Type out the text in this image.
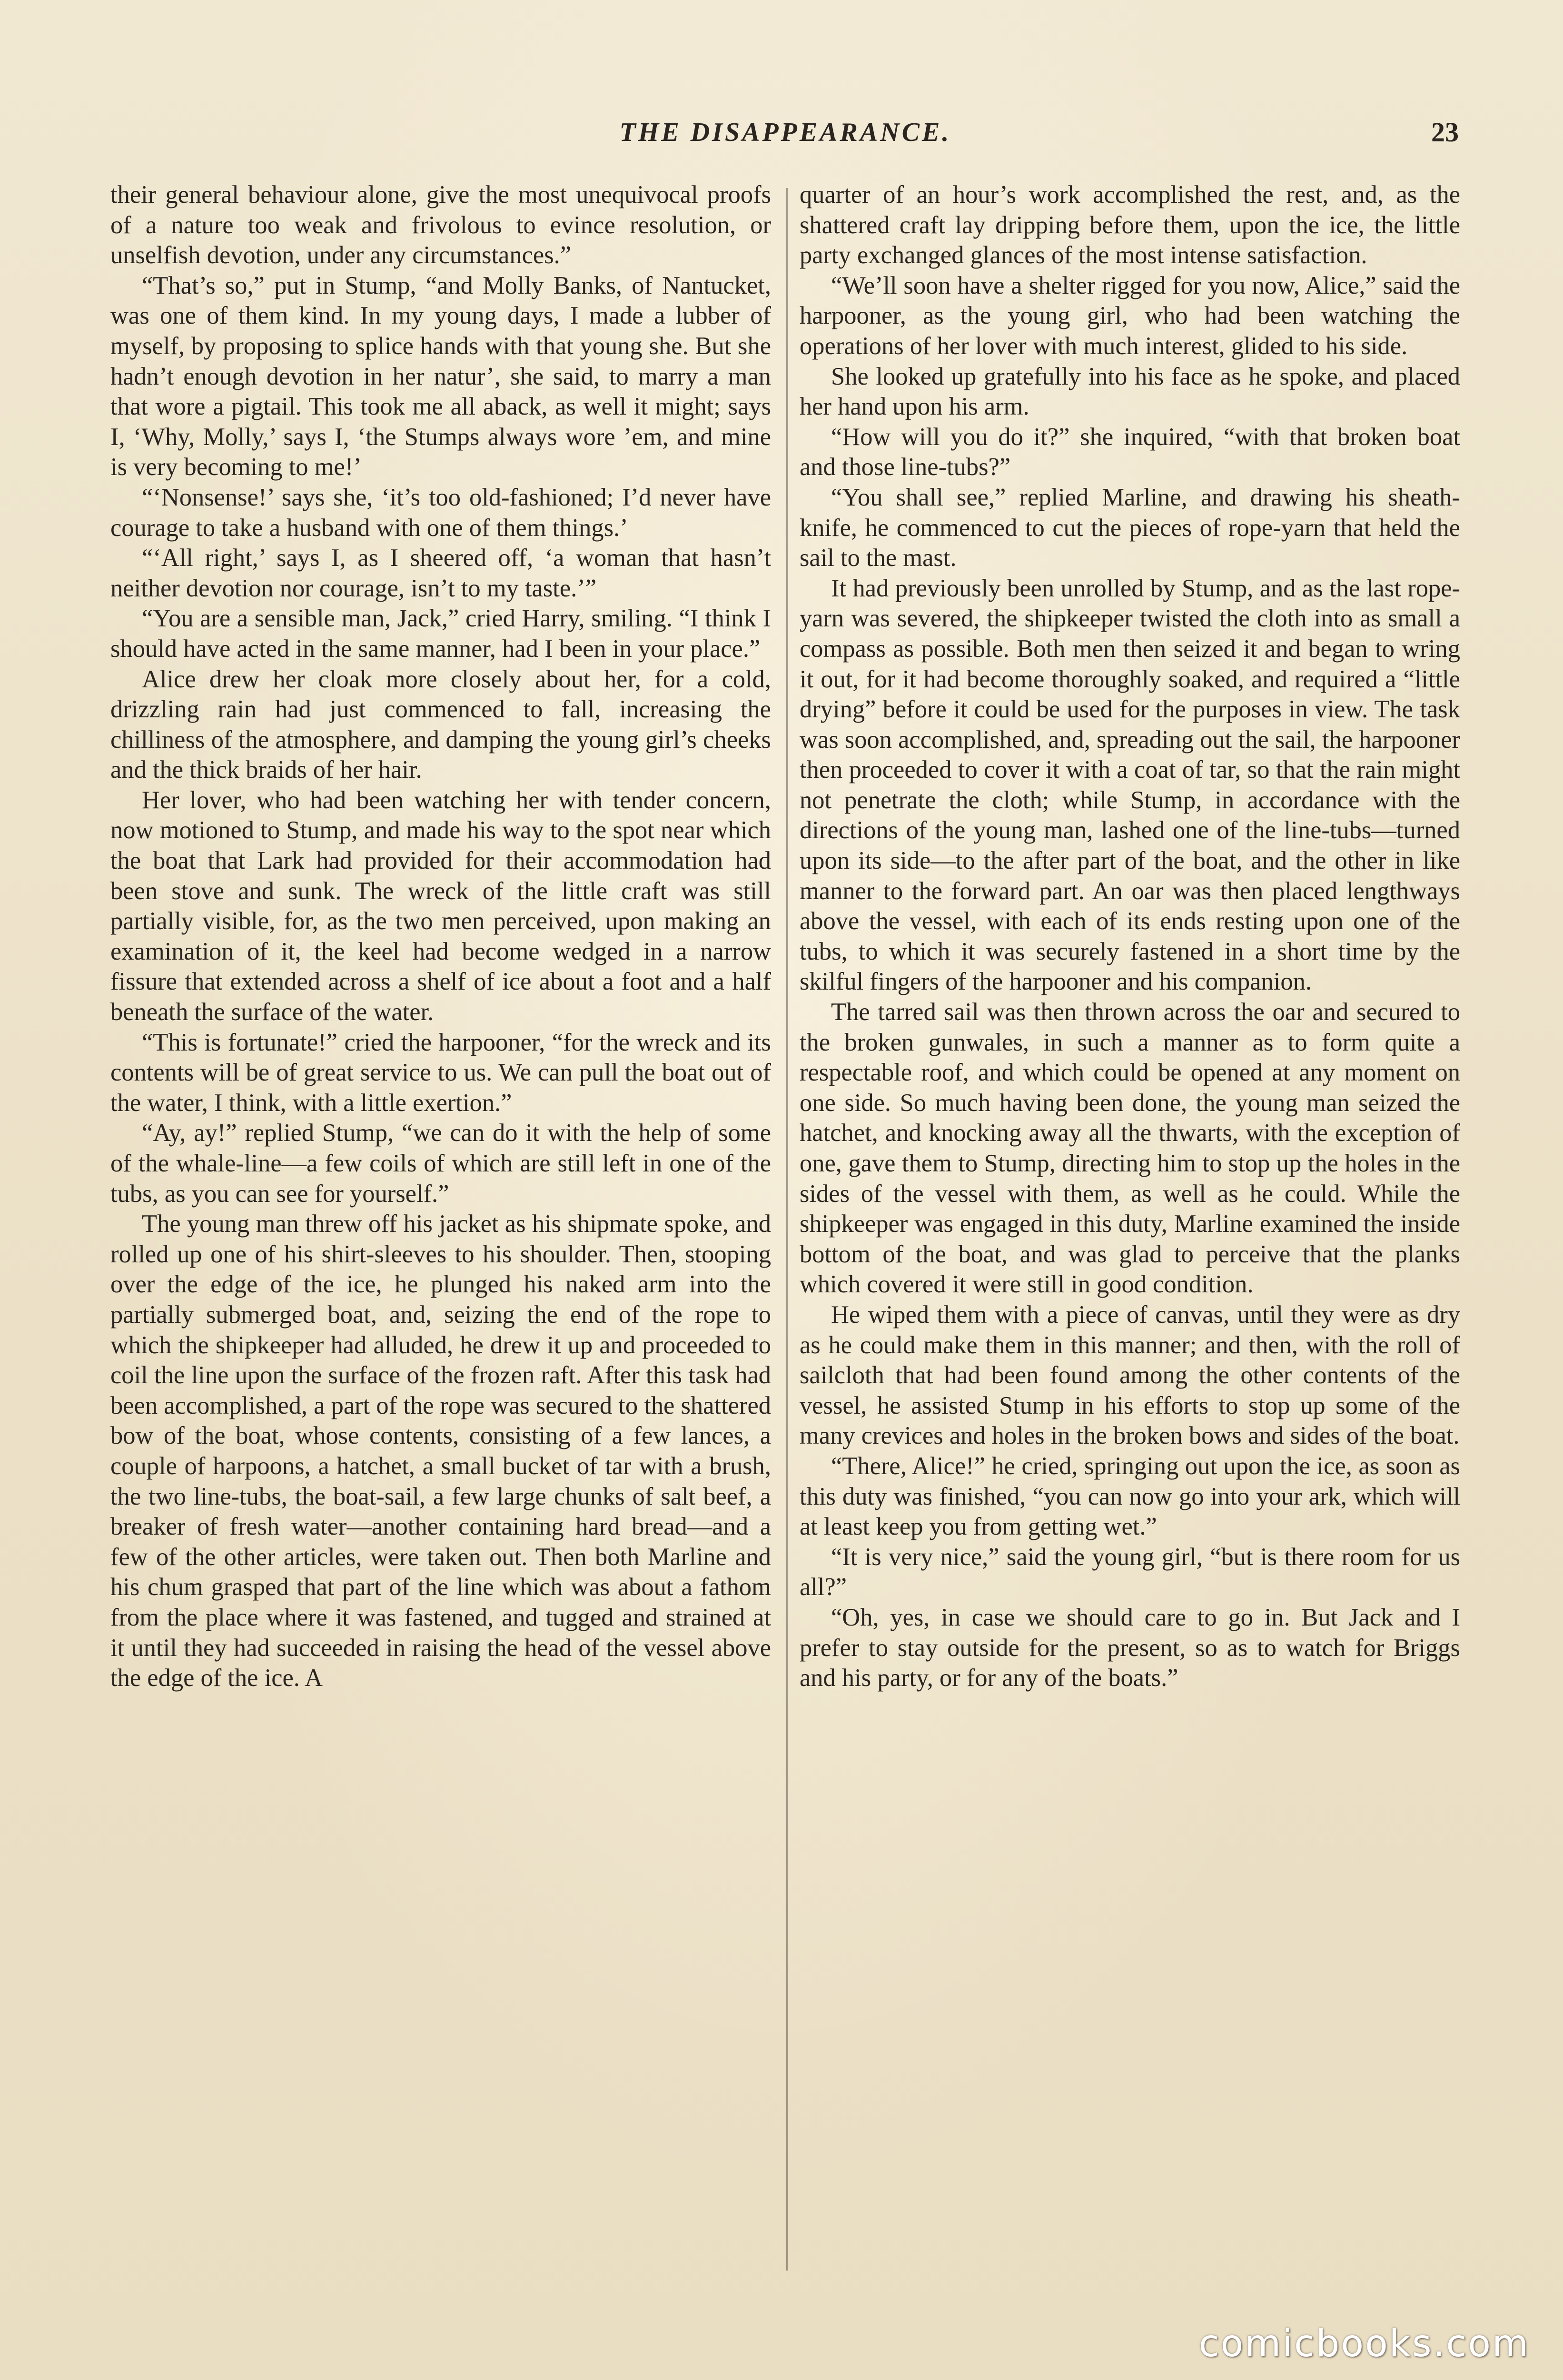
THE DISAPPEARANCE.	23

their general behaviour alone, give the most unequivocal proofs of a nature too weak and frivolous to evince resolution, or unselfish devotion, under any circumstances.”

“That’s so,” put in Stump, “and Molly Banks, of Nantucket, was one of them kind. In my young days, I made a lubber of myself, by proposing to splice hands with that young she. But she hadn’t enough devotion in her natur’, she said, to marry a man that wore a pigtail. This took me all aback, as well it might; says I, ‘Why, Molly,’ says I, ‘the Stumps always wore ’em, and mine is very becoming to me!’

“‘Nonsense!’ says she, ‘it’s too old-fashioned; I’d never have courage to take a husband with one of them things.’

“‘All right,’ says I, as I sheered off, ‘a woman that hasn’t neither devotion nor courage, isn’t to my taste.’”

“You are a sensible man, Jack,” cried Harry, smiling. “I think I should have acted in the same manner, had I been in your place.”

Alice drew her cloak more closely about her, for a cold, drizzling rain had just commenced to fall, increasing the chilliness of the atmosphere, and damping the young girl’s cheeks and the thick braids of her hair.

Her lover, who had been watching her with tender concern, now motioned to Stump, and made his way to the spot near which the boat that Lark had provided for their accommodation had been stove and sunk. The wreck of the little craft was still partially visible, for, as the two men perceived, upon making an examination of it, the keel had become wedged in a narrow fissure that extended across a shelf of ice about a foot and a half beneath the surface of the water.

“This is fortunate!” cried the harpooner, “for the wreck and its contents will be of great service to us. We can pull the boat out of the water, I think, with a little exertion.”

“Ay, ay!” replied Stump, “we can do it with the help of some of the whale-line—a few coils of which are still left in one of the tubs, as you can see for yourself.”

The young man threw off his jacket as his shipmate spoke, and rolled up one of his shirt-sleeves to his shoulder. Then, stooping over the edge of the ice, he plunged his naked arm into the partially submerged boat, and, seizing the end of the rope to which the shipkeeper had alluded, he drew it up and proceeded to coil the line upon the surface of the frozen raft. After this task had been accomplished, a part of the rope was secured to the shattered bow of the boat, whose contents, consisting of a few lances, a couple of harpoons, a hatchet, a small bucket of tar with a brush, the two line-tubs, the boat-sail, a few large chunks of salt beef, a breaker of fresh water—another containing hard bread—and a few of the other articles, were taken out. Then both Marline and his chum grasped that part of the line which was about a fathom from the place where it was fastened, and tugged and strained at it until they had succeeded in raising the head of the vessel above the edge of the ice. A

quarter of an hour’s work accomplished the rest, and, as the shattered craft lay dripping before them, upon the ice, the little party exchanged glances of the most intense satisfaction.

“We’ll soon have a shelter rigged for you now, Alice,” said the harpooner, as the young girl, who had been watching the operations of her lover with much interest, glided to his side.

She looked up gratefully into his face as he spoke, and placed her hand upon his arm.

“How will you do it?” she inquired, “with that broken boat and those line-tubs?”

“You shall see,” replied Marline, and drawing his sheath-knife, he commenced to cut the pieces of rope-yarn that held the sail to the mast.

It had previously been unrolled by Stump, and as the last rope-yarn was severed, the shipkeeper twisted the cloth into as small a compass as possible. Both men then seized it and began to wring it out, for it had become thoroughly soaked, and required a “little drying” before it could be used for the purposes in view. The task was soon accomplished, and, spreading out the sail, the harpooner then proceeded to cover it with a coat of tar, so that the rain might not penetrate the cloth; while Stump, in accordance with the directions of the young man, lashed one of the line-tubs—turned upon its side—to the after part of the boat, and the other in like manner to the forward part. An oar was then placed lengthways above the vessel, with each of its ends resting upon one of the tubs, to which it was securely fastened in a short time by the skilful fingers of the harpooner and his companion.

The tarred sail was then thrown across the oar and secured to the broken gunwales, in such a manner as to form quite a respectable roof, and which could be opened at any moment on one side. So much having been done, the young man seized the hatchet, and knocking away all the thwarts, with the exception of one, gave them to Stump, directing him to stop up the holes in the sides of the vessel with them, as well as he could. While the shipkeeper was engaged in this duty, Marline examined the inside bottom of the boat, and was glad to perceive that the planks which covered it were still in good condition.

He wiped them with a piece of canvas, until they were as dry as he could make them in this manner; and then, with the roll of sailcloth that had been found among the other contents of the vessel, he assisted Stump in his efforts to stop up some of the many crevices and holes in the broken bows and sides of the boat.

“There, Alice!” he cried, springing out upon the ice, as soon as this duty was finished, “you can now go into your ark, which will at least keep you from getting wet.”

“It is very nice,” said the young girl, “but is there room for us all?”

“Oh, yes, in case we should care to go in. But Jack and I prefer to stay outside for the present, so as to watch for Briggs and his party, or for any of the boats.”

comicbooks.com
